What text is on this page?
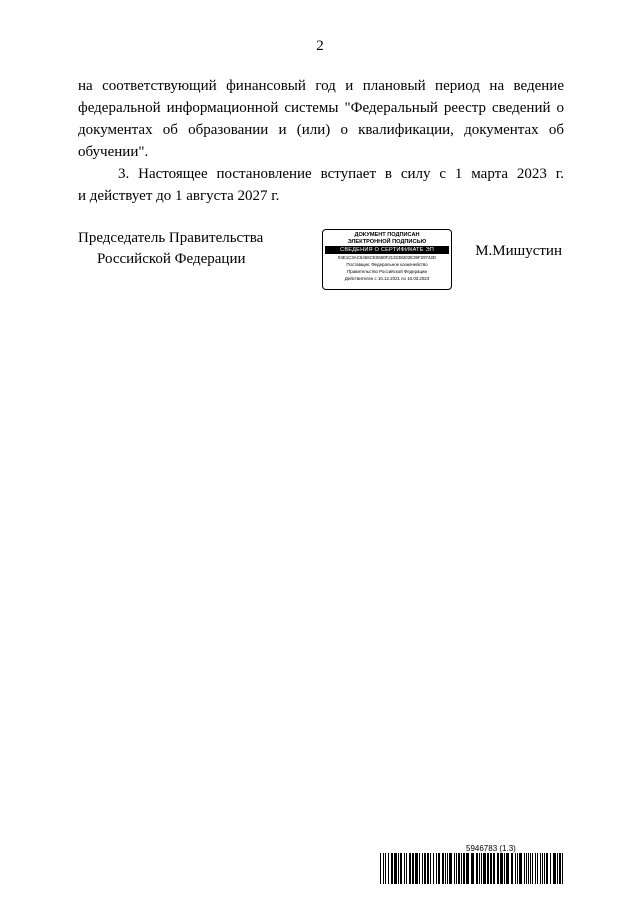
2

на соответствующий финансовый год и плановый период на ведение федеральной информационной системы "Федеральный реестр сведений о документах об образовании и (или) о квалификации, документах об обучении".

3. Настоящее постановление вступает в силу с 1 марта 2023 г.

и действует до 1 августа 2027 г.

Председатель Правительства
Российской Федерации
ДОКУМЕНТ ПОДПИСАН
ЭЛЕКТРОННОЙ ПОДПИСЬЮ
СВЕДЕНИЯ О СЕРТИФИКАТЕ ЭП
04E1C3AC5466CE0680F213238202E39F29742D
Поставщик: Федеральное казначейство
Правительство Российской Федерации
Действителен с 10.12.2021 по 10.03.2023
М.Мишустин
5946783 (1.3)
